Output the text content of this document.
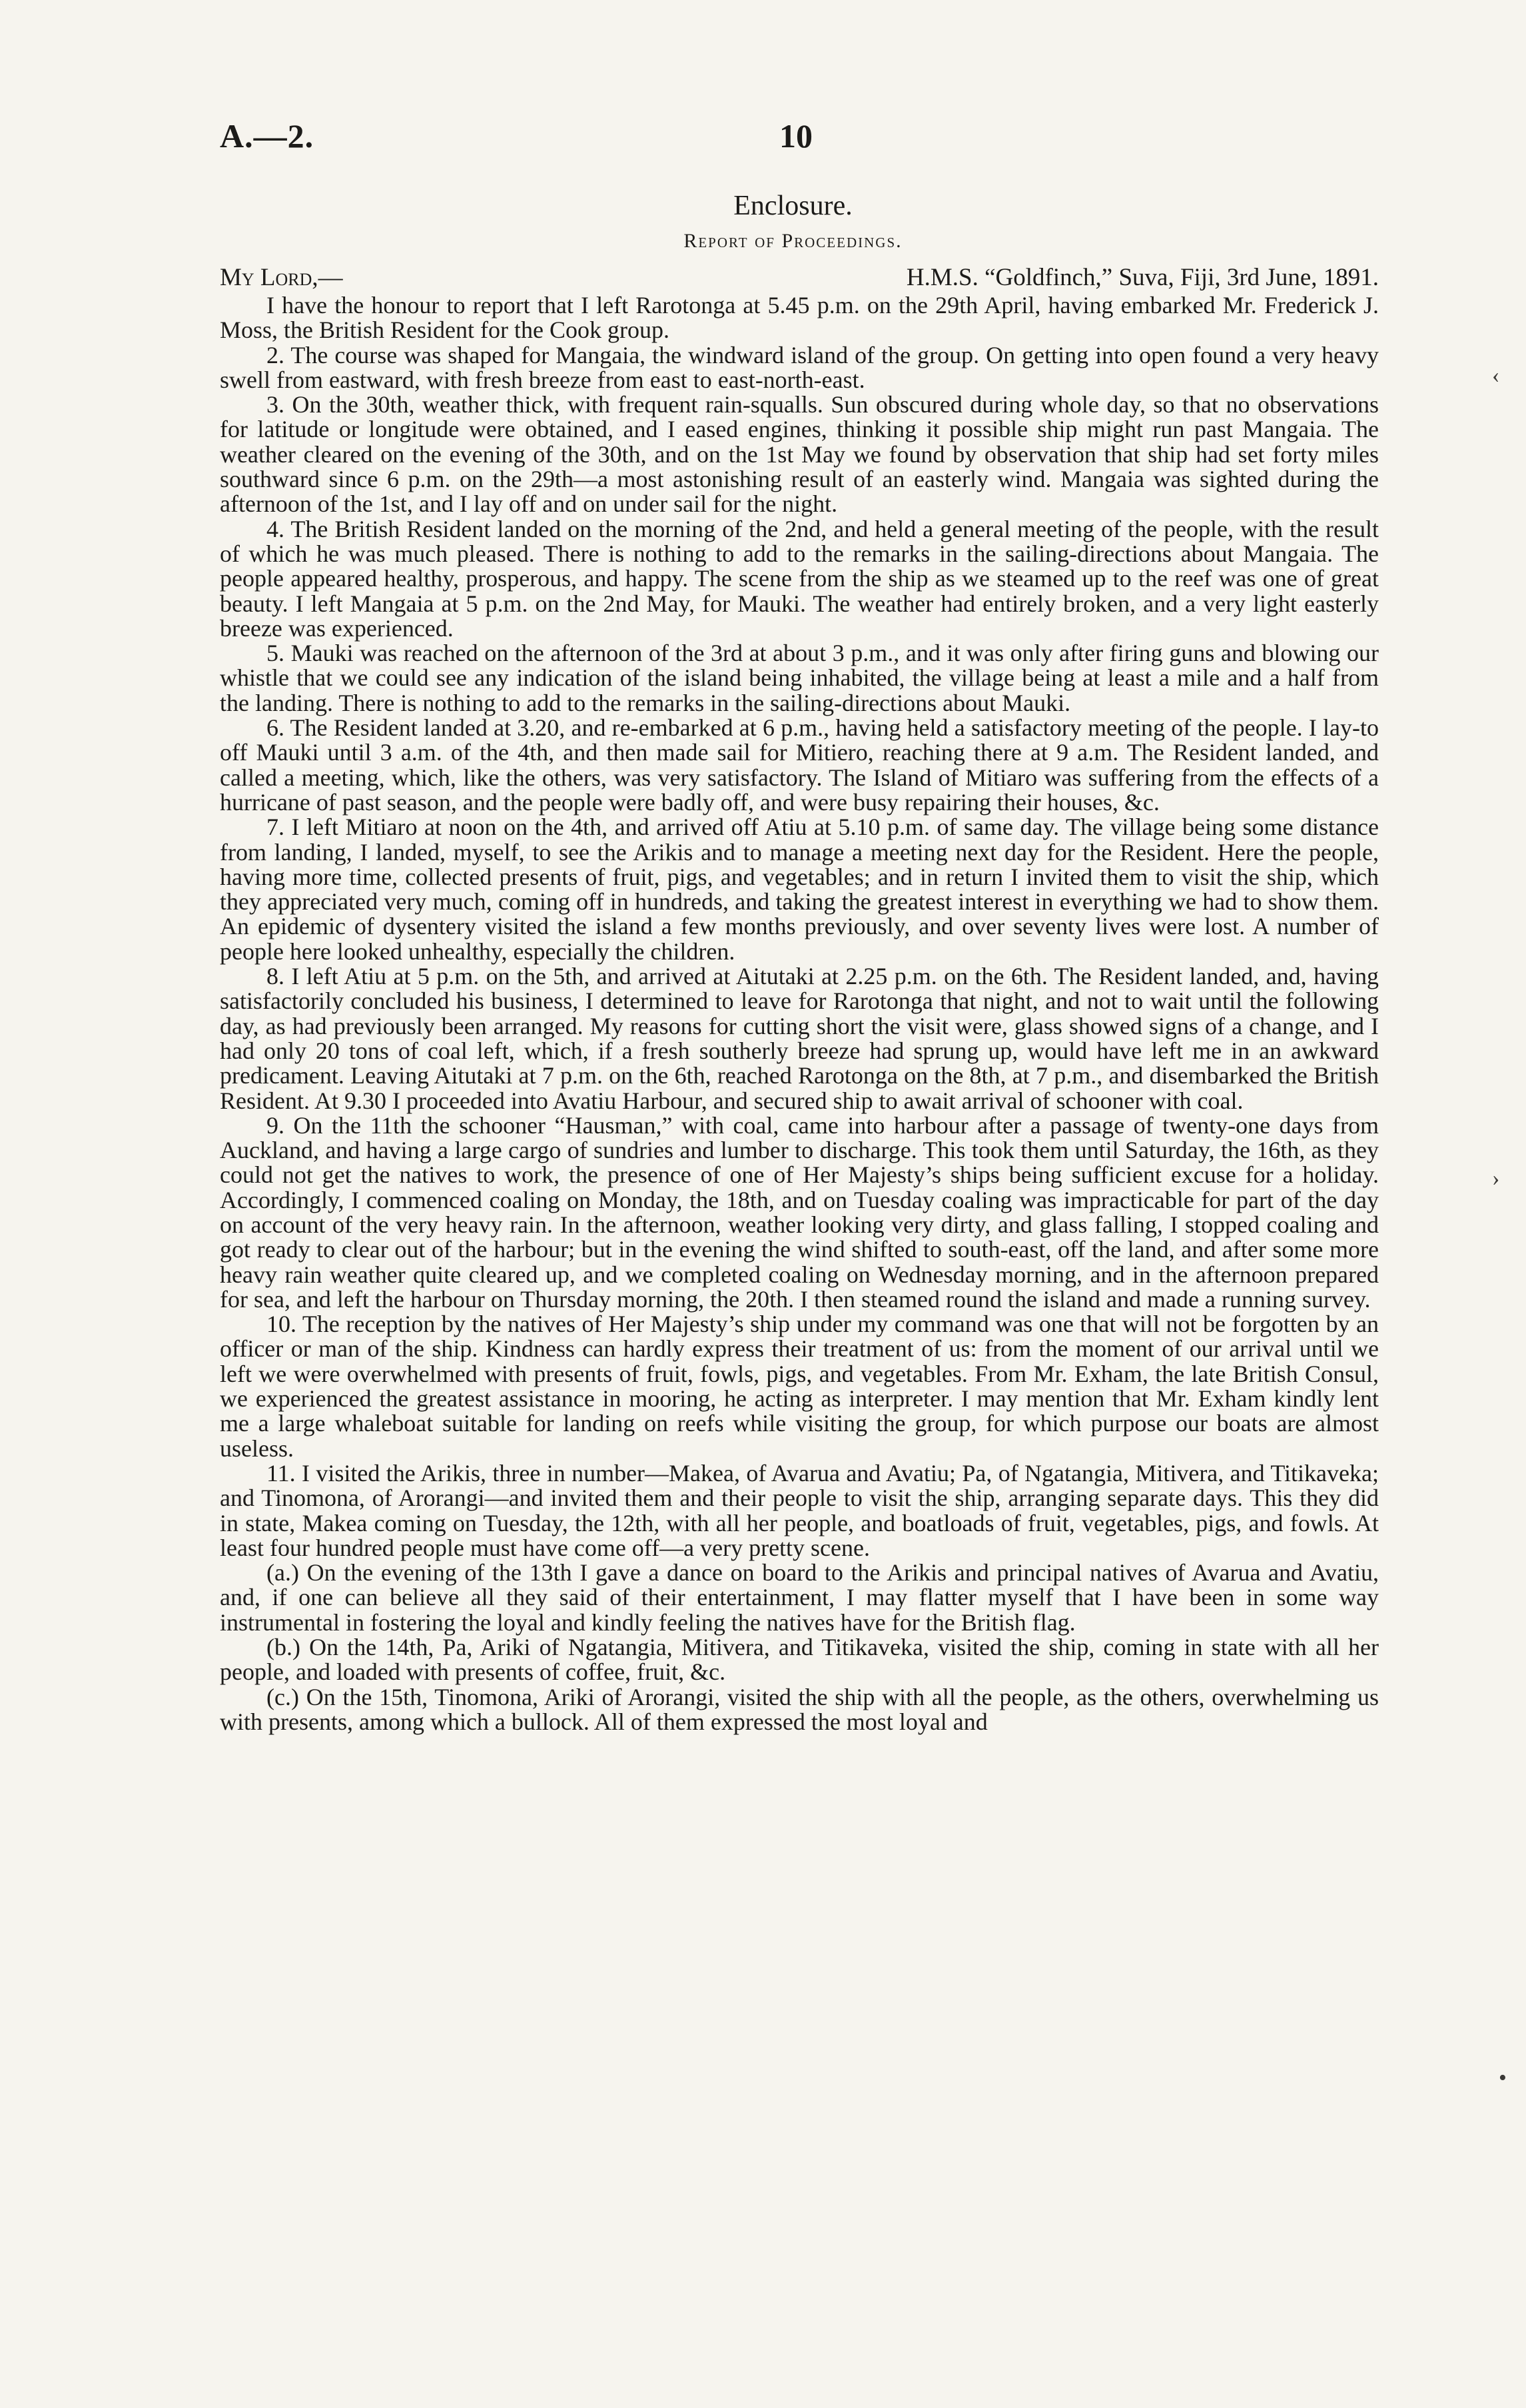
A.—2.	10
Enclosure.
Report of Proceedings.
My Lord,—	H.M.S. “Goldfinch,” Suva, Fiji, 3rd June, 1891.

I have the honour to report that I left Rarotonga at 5.45 p.m. on the 29th April, having embarked Mr. Frederick J. Moss, the British Resident for the Cook group.

2. The course was shaped for Mangaia, the windward island of the group. On getting into open found a very heavy swell from eastward, with fresh breeze from east to east-north-east.

3. On the 30th, weather thick, with frequent rain-squalls. Sun obscured during whole day, so that no observations for latitude or longitude were obtained, and I eased engines, thinking it possible ship might run past Mangaia. The weather cleared on the evening of the 30th, and on the 1st May we found by observation that ship had set forty miles southward since 6 p.m. on the 29th—a most astonishing result of an easterly wind. Mangaia was sighted during the afternoon of the 1st, and I lay off and on under sail for the night.

4. The British Resident landed on the morning of the 2nd, and held a general meeting of the people, with the result of which he was much pleased. There is nothing to add to the remarks in the sailing-directions about Mangaia. The people appeared healthy, prosperous, and happy. The scene from the ship as we steamed up to the reef was one of great beauty. I left Mangaia at 5 p.m. on the 2nd May, for Mauki. The weather had entirely broken, and a very light easterly breeze was experienced.

5. Mauki was reached on the afternoon of the 3rd at about 3 p.m., and it was only after firing guns and blowing our whistle that we could see any indication of the island being inhabited, the village being at least a mile and a half from the landing. There is nothing to add to the remarks in the sailing-directions about Mauki.

6. The Resident landed at 3.20, and re-embarked at 6 p.m., having held a satisfactory meeting of the people. I lay-to off Mauki until 3 a.m. of the 4th, and then made sail for Mitiero, reaching there at 9 a.m. The Resident landed, and called a meeting, which, like the others, was very satisfactory. The Island of Mitiaro was suffering from the effects of a hurricane of past season, and the people were badly off, and were busy repairing their houses, &c.

7. I left Mitiaro at noon on the 4th, and arrived off Atiu at 5.10 p.m. of same day. The village being some distance from landing, I landed, myself, to see the Arikis and to manage a meeting next day for the Resident. Here the people, having more time, collected presents of fruit, pigs, and vegetables; and in return I invited them to visit the ship, which they appreciated very much, coming off in hundreds, and taking the greatest interest in everything we had to show them. An epidemic of dysentery visited the island a few months previously, and over seventy lives were lost. A number of people here looked unhealthy, especially the children.

8. I left Atiu at 5 p.m. on the 5th, and arrived at Aitutaki at 2.25 p.m. on the 6th. The Resident landed, and, having satisfactorily concluded his business, I determined to leave for Rarotonga that night, and not to wait until the following day, as had previously been arranged. My reasons for cutting short the visit were, glass showed signs of a change, and I had only 20 tons of coal left, which, if a fresh southerly breeze had sprung up, would have left me in an awkward predicament. Leaving Aitutaki at 7 p.m. on the 6th, reached Rarotonga on the 8th, at 7 p.m., and disembarked the British Resident. At 9.30 I proceeded into Avatiu Harbour, and secured ship to await arrival of schooner with coal.

9. On the 11th the schooner “Hausman,” with coal, came into harbour after a passage of twenty-one days from Auckland, and having a large cargo of sundries and lumber to discharge. This took them until Saturday, the 16th, as they could not get the natives to work, the presence of one of Her Majesty’s ships being sufficient excuse for a holiday. Accordingly, I commenced coaling on Monday, the 18th, and on Tuesday coaling was impracticable for part of the day on account of the very heavy rain. In the afternoon, weather looking very dirty, and glass falling, I stopped coaling and got ready to clear out of the harbour; but in the evening the wind shifted to south-east, off the land, and after some more heavy rain weather quite cleared up, and we completed coaling on Wednesday morning, and in the afternoon prepared for sea, and left the harbour on Thursday morning, the 20th. I then steamed round the island and made a running survey.

10. The reception by the natives of Her Majesty’s ship under my command was one that will not be forgotten by an officer or man of the ship. Kindness can hardly express their treatment of us: from the moment of our arrival until we left we were overwhelmed with presents of fruit, fowls, pigs, and vegetables. From Mr. Exham, the late British Consul, we experienced the greatest assistance in mooring, he acting as interpreter. I may mention that Mr. Exham kindly lent me a large whaleboat suitable for landing on reefs while visiting the group, for which purpose our boats are almost useless.

11. I visited the Arikis, three in number—Makea, of Avarua and Avatiu; Pa, of Ngatangia, Mitivera, and Titikaveka; and Tinomona, of Arorangi—and invited them and their people to visit the ship, arranging separate days. This they did in state, Makea coming on Tuesday, the 12th, with all her people, and boatloads of fruit, vegetables, pigs, and fowls. At least four hundred people must have come off—a very pretty scene.

(a.) On the evening of the 13th I gave a dance on board to the Arikis and principal natives of Avarua and Avatiu, and, if one can believe all they said of their entertainment, I may flatter myself that I have been in some way instrumental in fostering the loyal and kindly feeling the natives have for the British flag.

(b.) On the 14th, Pa, Ariki of Ngatangia, Mitivera, and Titikaveka, visited the ship, coming in state with all her people, and loaded with presents of coffee, fruit, &c.

(c.) On the 15th, Tinomona, Ariki of Arorangi, visited the ship with all the people, as the others, overwhelming us with presents, among which a bullock. All of them expressed the most loyal and

‹
›
•
